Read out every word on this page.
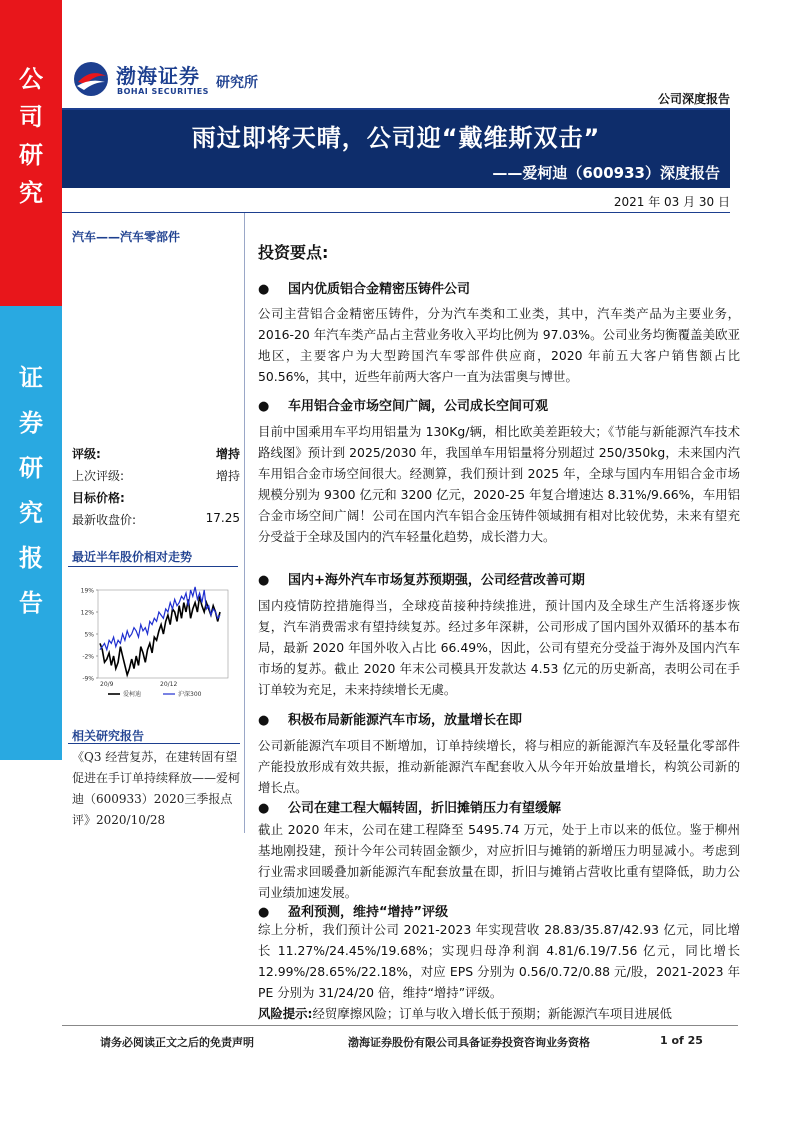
公
司
研
究
证
券
研
究
报
告
渤海证券
BOHAI SECURITIES
研究所
公司深度报告
雨过即将天晴，公司迎“戴维斯双击”
——爱柯迪（600933）深度报告
2021 年 03 月 30 日
汽车——汽车零部件
评级:	增持
上次评级:	增持
目标价格:
最新收盘价:	17.25
最近半年股价相对走势
19%
12%
5%
-2%
-9%
20/9	20/12
爱柯迪	沪深300
相关研究报告
《Q3 经营复苏，在建转固有望促进在手订单持续释放——爱柯迪（600933）2020三季报点评》2020/10/28
投资要点:
● 国内优质铝合金精密压铸件公司
公司主营铝合金精密压铸件，分为汽车类和工业类，其中，汽车类产品为主要业务，2016-20 年汽车类产品占主营业务收入平均比例为 97.03%。公司业务均衡覆盖美欧亚地区，主要客户为大型跨国汽车零部件供应商，2020 年前五大客户销售额占比 50.56%，其中，近些年前两大客户一直为法雷奥与博世。
● 车用铝合金市场空间广阔，公司成长空间可观
目前中国乘用车平均用铝量为 130Kg/辆，相比欧美差距较大；《节能与新能源汽车技术路线图》预计到 2025/2030 年，我国单车用铝量将分别超过 250/350kg，未来国内汽车用铝合金市场空间很大。经测算，我们预计到 2025 年，全球与国内车用铝合金市场规模分别为 9300 亿元和 3200 亿元，2020-25 年复合增速达 8.31%/9.66%，车用铝合金市场空间广阔！公司在国内汽车铝合金压铸件领域拥有相对比较优势，未来有望充分受益于全球及国内的汽车轻量化趋势，成长潜力大。
● 国内+海外汽车市场复苏预期强，公司经营改善可期
国内疫情防控措施得当，全球疫苗接种持续推进，预计国内及全球生产生活将逐步恢复，汽车消费需求有望持续复苏。经过多年深耕，公司形成了国内国外双循环的基本布局，最新 2020 年国外收入占比 66.49%，因此，公司有望充分受益于海外及国内汽车市场的复苏。截止 2020 年末公司模具开发款达 4.53 亿元的历史新高，表明公司在手订单较为充足，未来持续增长无虞。
● 积极布局新能源汽车市场，放量增长在即
公司新能源汽车项目不断增加，订单持续增长，将与相应的新能源汽车及轻量化零部件产能投放形成有效共振，推动新能源汽车配套收入从今年开始放量增长，构筑公司新的增长点。
● 公司在建工程大幅转固，折旧摊销压力有望缓解
截止 2020 年末，公司在建工程降至 5495.74 万元，处于上市以来的低位。鉴于柳州基地刚投建，预计今年公司转固金额少，对应折旧与摊销的新增压力明显减小。考虑到行业需求回暖叠加新能源汽车配套放量在即，折旧与摊销占营收比重有望降低，助力公司业绩加速发展。
● 盈利预测，维持“增持”评级
综上分析，我们预计公司 2021-2023 年实现营收 28.83/35.87/42.93 亿元，同比增长 11.27%/24.45%/19.68%；实现归母净利润 4.81/6.19/7.56 亿元，同比增长 12.99%/28.65%/22.18%，对应 EPS 分别为 0.56/0.72/0.88 元/股，2021-2023 年 PE 分别为 31/24/20 倍，维持“增持”评级。
风险提示:经贸摩擦风险；订单与收入增长低于预期；新能源汽车项目进展低
请务必阅读正文之后的免责声明	渤海证券股份有限公司具备证券投资咨询业务资格	1 of 25
